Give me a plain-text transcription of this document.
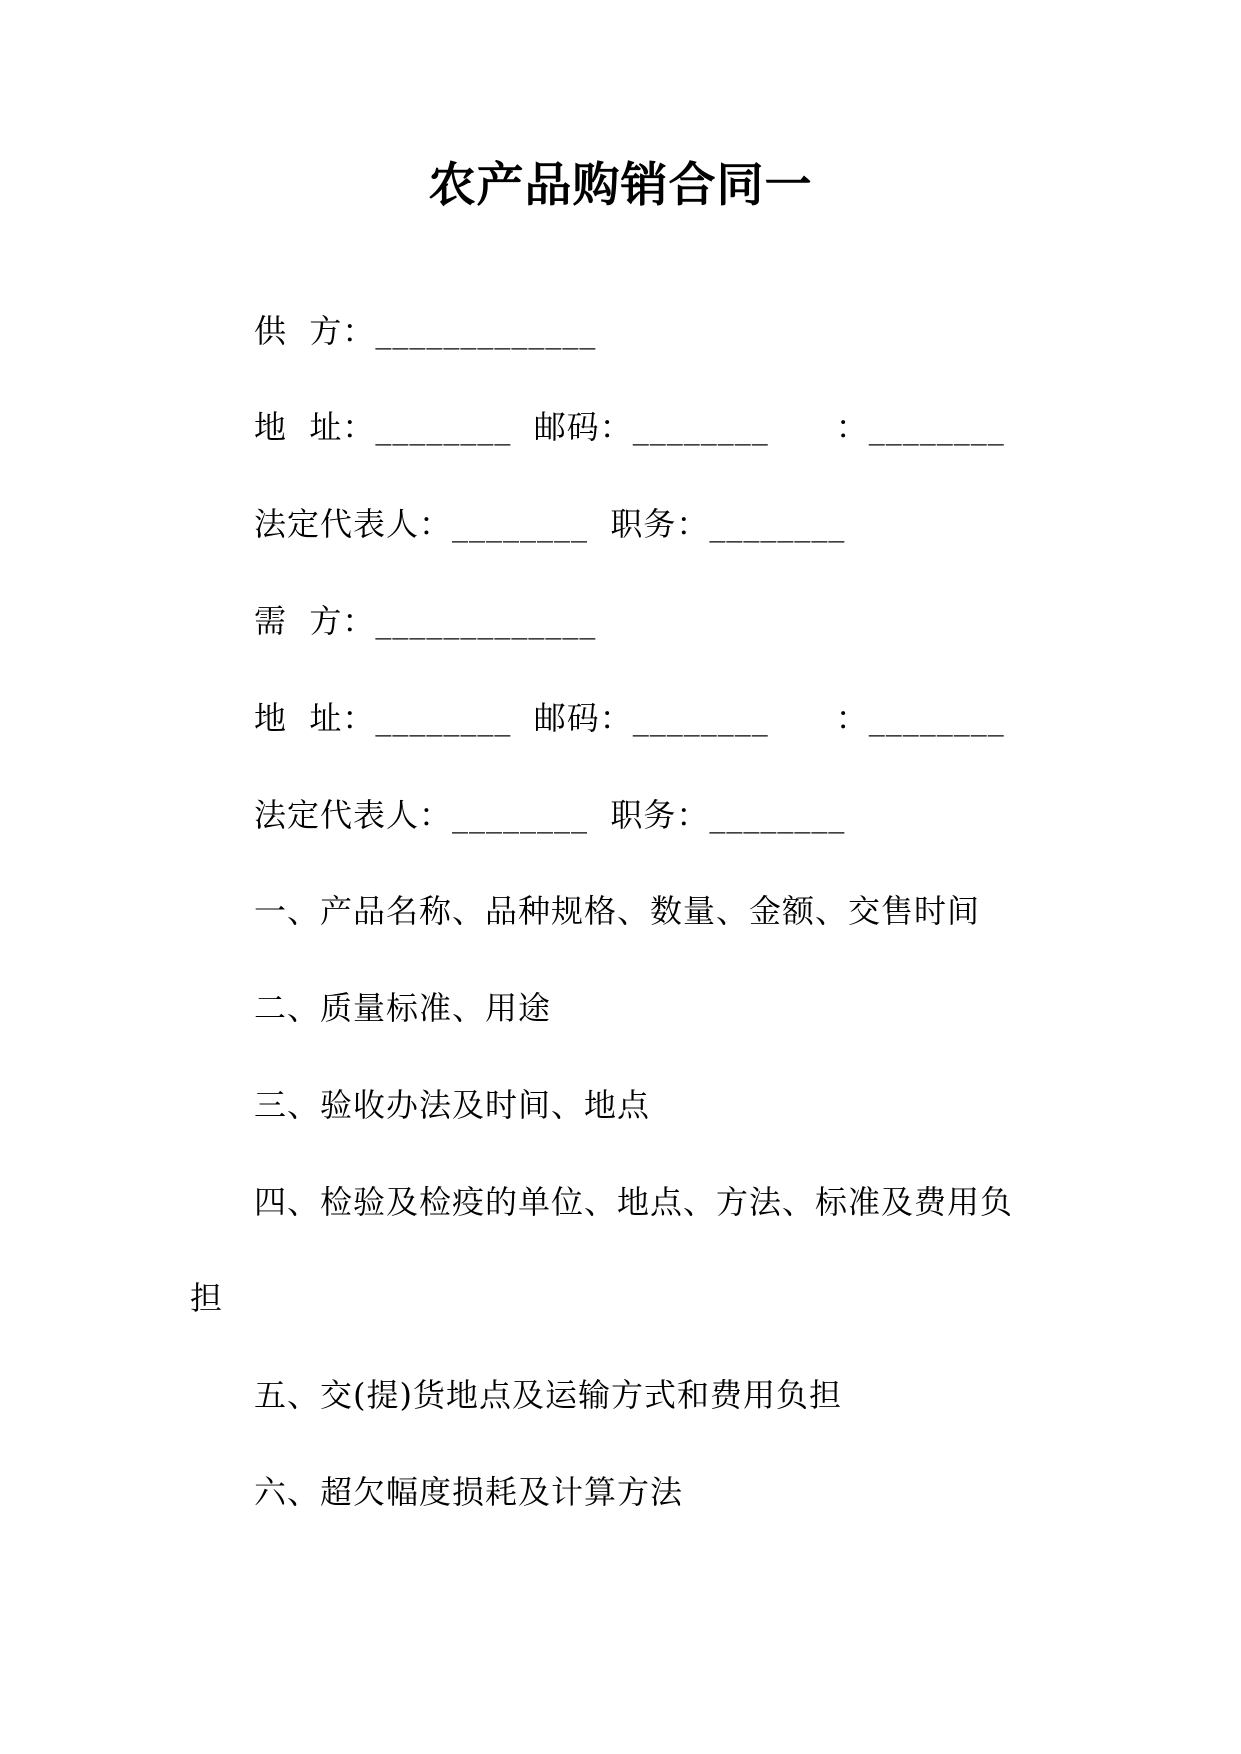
农产品购销合同一
供  方：_____________
地  址：________  邮码：________      ：________
法定代表人：________  职务：________
需  方：_____________
地  址：________  邮码：________      ：________
法定代表人：________  职务：________
一、产品名称、品种规格、数量、金额、交售时间
二、质量标准、用途
三、验收办法及时间、地点
四、检验及检疫的单位、地点、方法、标准及费用负
担
五、交(提)货地点及运输方式和费用负担
六、超欠幅度损耗及计算方法
